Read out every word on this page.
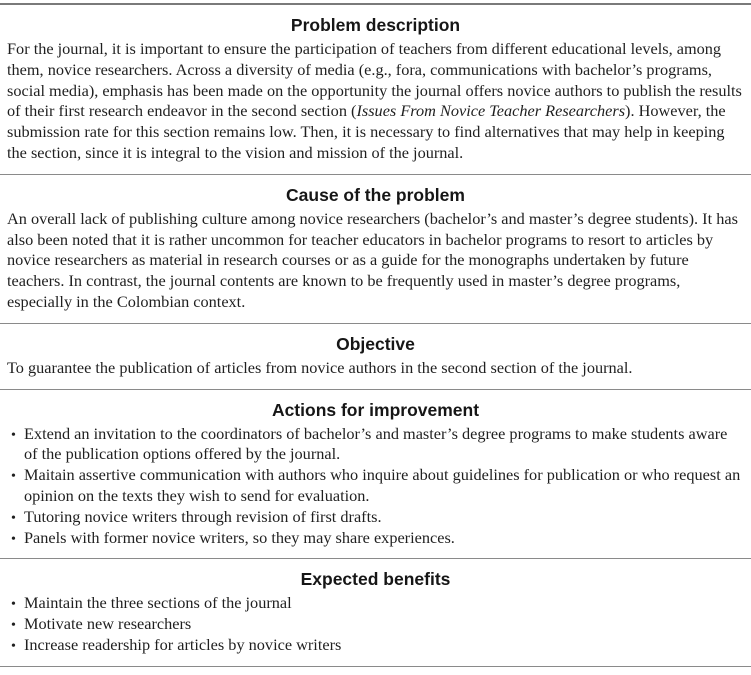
Problem description

For the journal, it is important to ensure the participation of teachers from different educational levels, among them, novice researchers. Across a diversity of media (e.g., fora, communications with bachelor’s programs, social media), emphasis has been made on the opportunity the journal offers novice authors to publish the results of their first research endeavor in the second section (Issues From Novice Teacher Researchers). However, the submission rate for this section remains low. Then, it is necessary to find alternatives that may help in keeping the section, since it is integral to the vision and mission of the journal.

Cause of the problem

An overall lack of publishing culture among novice researchers (bachelor’s and master’s degree students). It has also been noted that it is rather uncommon for teacher educators in bachelor programs to resort to articles by novice researchers as material in research courses or as a guide for the monographs undertaken by future teachers. In contrast, the journal contents are known to be frequently used in master’s degree programs, especially in the Colombian context.

Objective

To guarantee the publication of articles from novice authors in the second section of the journal.

Actions for improvement
•
Extend an invitation to the coordinators of bachelor’s and master’s degree programs to make students aware of the publication options offered by the journal.
•
Maitain assertive communication with authors who inquire about guidelines for publication or who request an opinion on the texts they wish to send for evaluation.
•
Tutoring novice writers through revision of first drafts.
•
Panels with former novice writers, so they may share experiences.
Expected benefits
•
Maintain the three sections of the journal
•
Motivate new researchers
•
Increase readership for articles by novice writers
